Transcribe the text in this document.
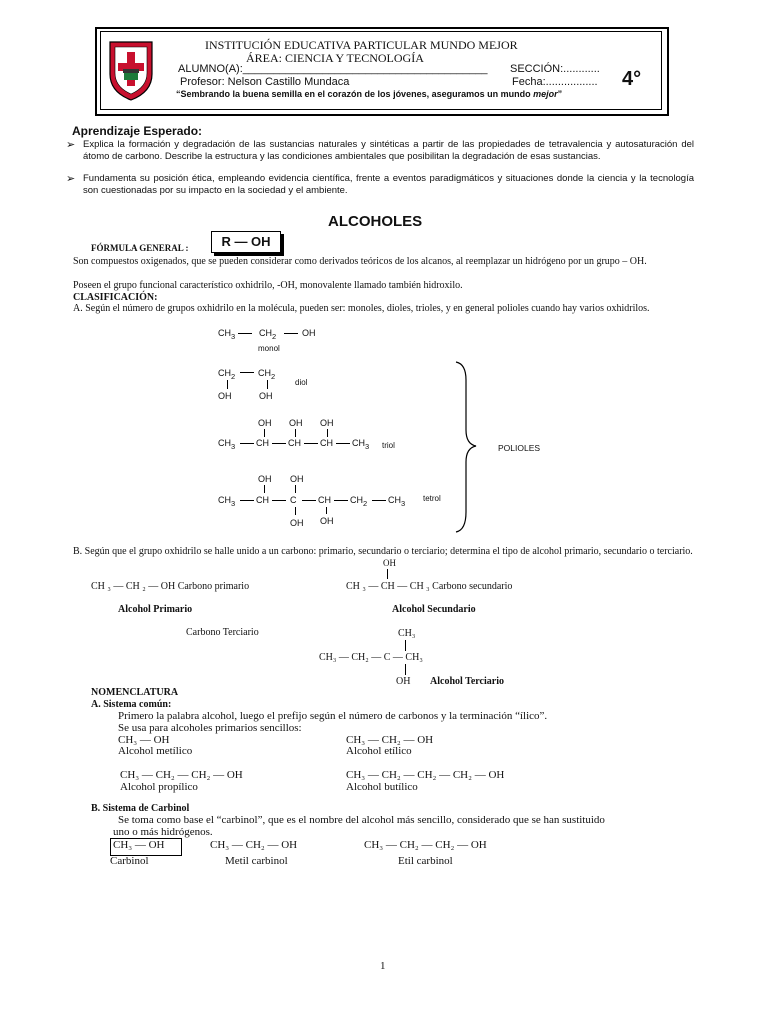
INSTITUCIÓN EDUCATIVA PARTICULAR MUNDO MEJOR
ÁREA: CIENCIA Y TECNOLOGÍA
ALUMNO(A):________________________________________ SECCIÓN:............
Profesor: Nelson Castillo Mundaca	Fecha:................. 4°
“Sembrando la buena semilla en el corazón de los jóvenes, aseguramos un mundo mejor”
Aprendizaje Esperado:
➢ Explica la formación y degradación de las sustancias naturales y sintéticas a partir de las propiedades de tetravalencia y autosaturación del átomo de carbono. Describe la estructura y las condiciones ambientales que posibilitan la degradación de esas sustancias.
➢ Fundamenta su posición ética, empleando evidencia científica, frente a eventos paradigmáticos y situaciones donde la ciencia y la tecnología son cuestionadas por su impacto en la sociedad y el ambiente.
ALCOHOLES
FÓRMULA GENERAL :	R — OH
Son compuestos oxigenados, que se pueden considerar como derivados teóricos de los alcanos, al reemplazar un hidrógeno por un grupo – OH.
Poseen el grupo funcional característico oxhidrilo, -OH, monovalente llamado también hidroxilo.
CLASIFICACIÓN:
A. Según el número de grupos oxhidrilo en la molécula, pueden ser: monoles, dioles, trioles, y en general polioles cuando hay varios oxhidrilos.
$CH_3$	$CH_2$	OH
monol
$CH_2$	$CH_2$
diol
OH	OH
OH OH OH
$CH_3$ CH CH CH $CH_3$ triol
OH OH
$CH_3$ CH C CH $CH_2$ $CH_3$
tetrol
OH OH
POLIOLES
B. Según que el grupo oxhidrilo se halle unido a un carbono: primario, secundario o terciario; determina el tipo de alcohol primario, secundario o terciario.
OH
CH ₃ — CH ₂ — OH Carbono primario	CH ₃ — CH — CH ₃ Carbono secundario
Alcohol Primario	Alcohol Secundario
Carbono Terciario	CH₃
CH₃ — CH₂ — C — CH₃
OH Alcohol Terciario
NOMENCLATURA
A. Sistema común:
Primero la palabra alcohol, luego el prefijo según el número de carbonos y la terminación “ílico”.
Se usa para alcoholes primarios sencillos:
CH₃ — OH
Alcohol metílico
CH₃ — CH₂ — OH
Alcohol etílico
CH₃ — CH₂ — CH₂ — OH
Alcohol propílico
CH₃ — CH₂ — CH₂ — CH₂ — OH
Alcohol butílico
B. Sistema de Carbinol
Se toma como base el “carbinol”, que es el nombre del alcohol más sencillo, considerado que se han sustituido
uno o más hidrógenos.
CH₃ — OH
Carbinol
CH₃ — CH₂ — OH
Metil carbinol
CH₃ — CH₂ — CH₂ — OH
Etil carbinol
1
